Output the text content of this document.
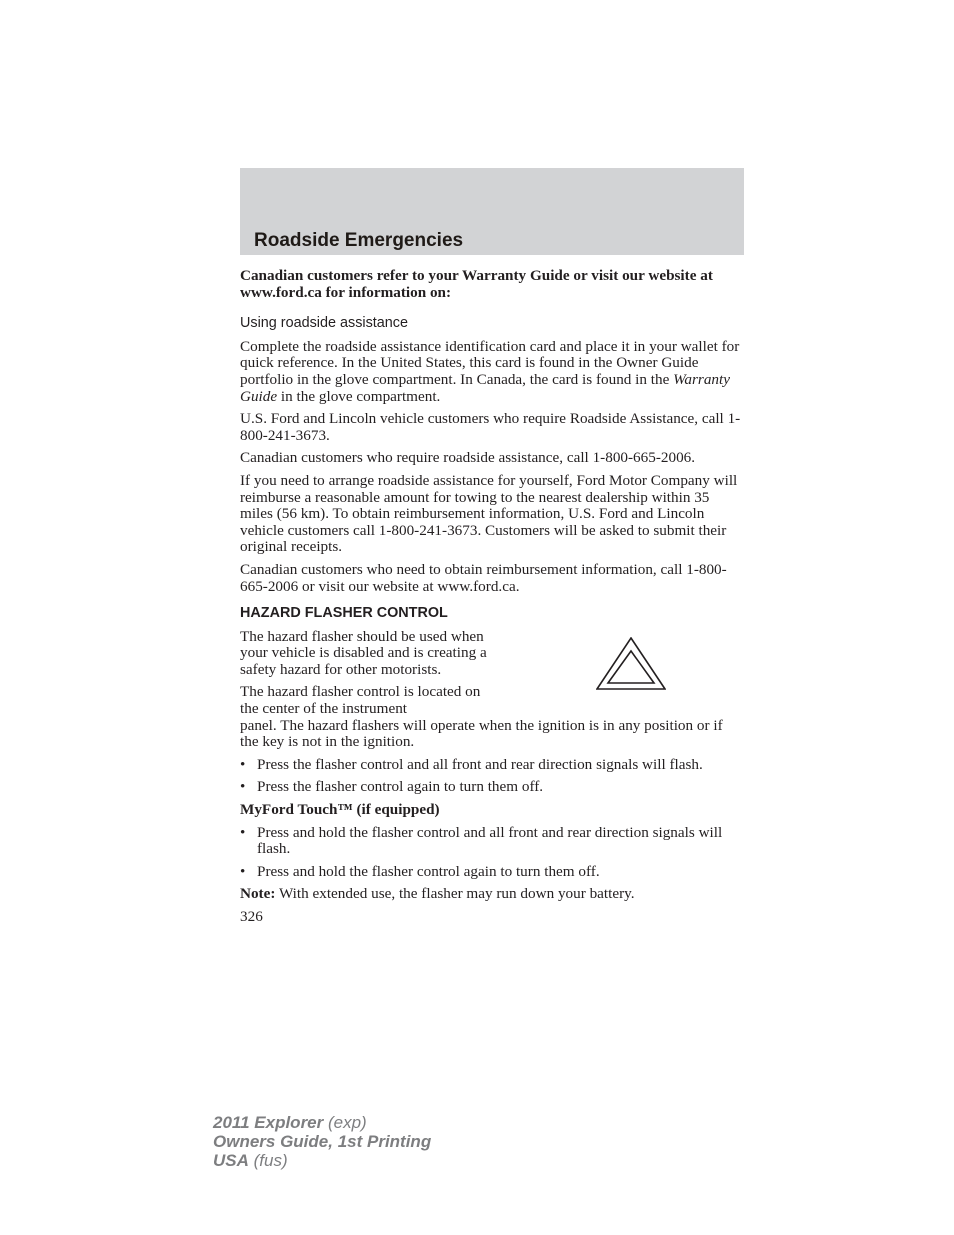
Roadside Emergencies

Canadian customers refer to your Warranty Guide or visit our website at www.ford.ca for information on:

Using roadside assistance

Complete the roadside assistance identification card and place it in your wallet for quick reference. In the United States, this card is found in the Owner Guide portfolio in the glove compartment. In Canada, the card is found in the Warranty Guide in the glove compartment.

U.S. Ford and Lincoln vehicle customers who require Roadside Assistance, call 1-800-241-3673.

Canadian customers who require roadside assistance, call 1-800-665-2006.

If you need to arrange roadside assistance for yourself, Ford Motor Company will reimburse a reasonable amount for towing to the nearest dealership within 35 miles (56 km). To obtain reimbursement information, U.S. Ford and Lincoln vehicle customers call 1-800-241-3673. Customers will be asked to submit their original receipts.

Canadian customers who need to obtain reimbursement information, call 1-800-665-2006 or visit our website at www.ford.ca.

HAZARD FLASHER CONTROL

The hazard flasher should be used when your vehicle is disabled and is creating a safety hazard for other motorists.

The hazard flasher control is located on the center of the instrument

panel. The hazard flashers will operate when the ignition is in any position or if the key is not in the ignition.

• Press the flasher control and all front and rear direction signals will flash.
• Press the flasher control again to turn them off.

MyFord Touch™ (if equipped)

• Press and hold the flasher control and all front and rear direction signals will flash.
• Press and hold the flasher control again to turn them off.

Note: With extended use, the flasher may run down your battery.

326
2011 Explorer (exp)
Owners Guide, 1st Printing
USA (fus)
